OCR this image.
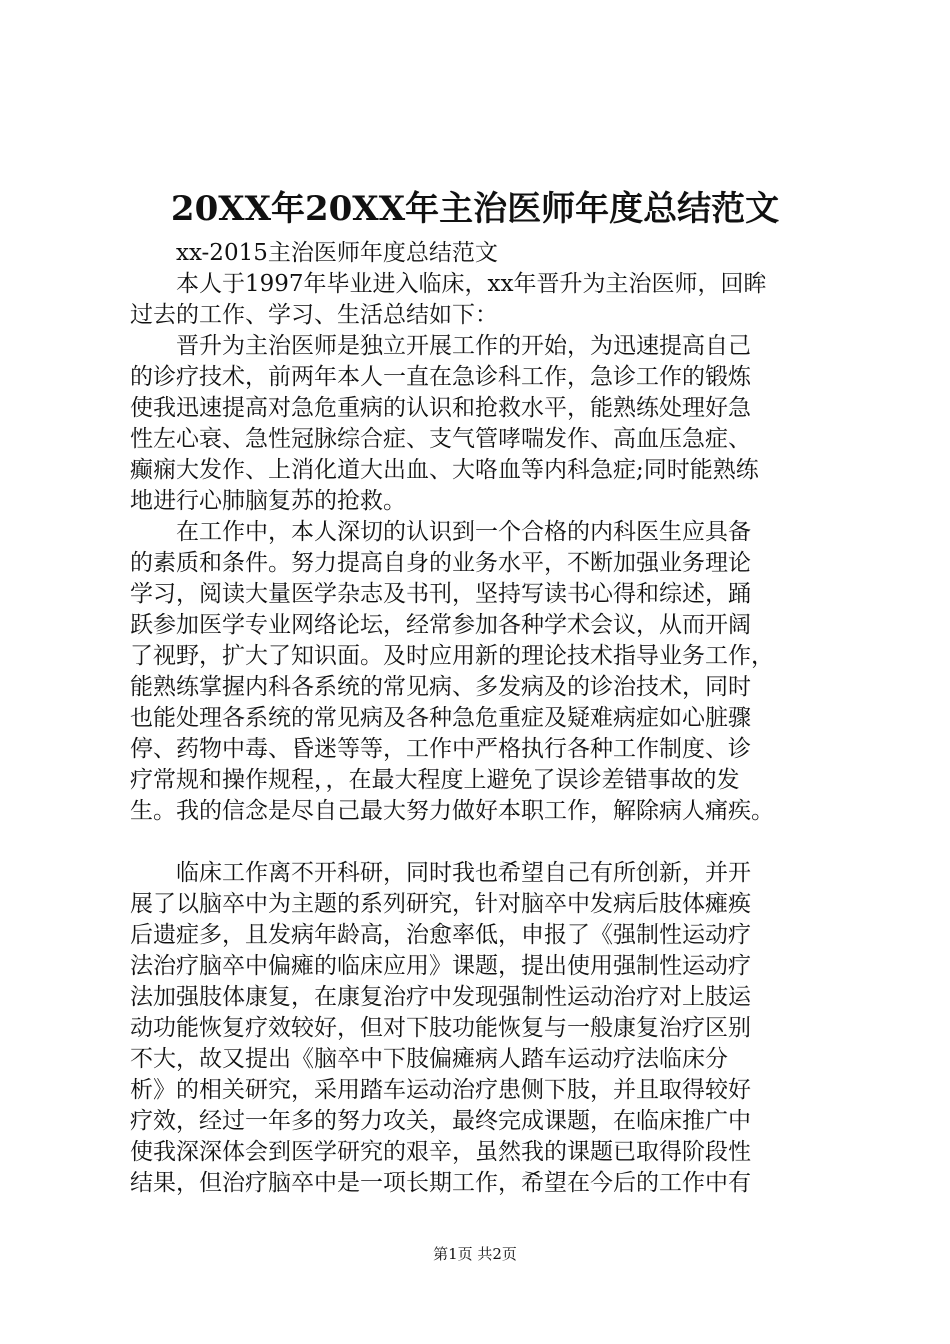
20XX年20XX年主治医师年度总结范文
　　xx-2015主治医师年度总结范文
　　本人于1997年毕业进入临床，xx年晋升为主治医师，回眸
过去的工作、学习、生活总结如下：
　　晋升为主治医师是独立开展工作的开始，为迅速提高自己
的诊疗技术，前两年本人一直在急诊科工作，急诊工作的锻炼
使我迅速提高对急危重病的认识和抢救水平，能熟练处理好急
性左心衰、急性冠脉综合症、支气管哮喘发作、高血压急症、
癫痫大发作、上消化道大出血、大咯血等内科急症;同时能熟练
地进行心肺脑复苏的抢救。
　　在工作中，本人深切的认识到一个合格的内科医生应具备
的素质和条件。努力提高自身的业务水平，不断加强业务理论
学习，阅读大量医学杂志及书刊，坚持写读书心得和综述，踊
跃参加医学专业网络论坛，经常参加各种学术会议，从而开阔
了视野，扩大了知识面。及时应用新的理论技术指导业务工作，
能熟练掌握内科各系统的常见病、多发病及的诊治技术，同时
也能处理各系统的常见病及各种急危重症及疑难病症如心脏骤
停、药物中毒、昏迷等等，工作中严格执行各种工作制度、诊
疗常规和操作规程，，在最大程度上避免了误诊差错事故的发
生。我的信念是尽自己最大努力做好本职工作，解除病人痛疾。
　　临床工作离不开科研，同时我也希望自己有所创新，并开
展了以脑卒中为主题的系列研究，针对脑卒中发病后肢体瘫痪
后遗症多，且发病年龄高，治愈率低，申报了《强制性运动疗
法治疗脑卒中偏瘫的临床应用》课题，提出使用强制性运动疗
法加强肢体康复，在康复治疗中发现强制性运动治疗对上肢运
动功能恢复疗效较好，但对下肢功能恢复与一般康复治疗区别
不大，故又提出《脑卒中下肢偏瘫病人踏车运动疗法临床分
析》的相关研究，采用踏车运动治疗患侧下肢，并且取得较好
疗效，经过一年多的努力攻关，最终完成课题，在临床推广中
使我深深体会到医学研究的艰辛，虽然我的课题已取得阶段性
结果，但治疗脑卒中是一项长期工作，希望在今后的工作中有
第1页 共2页
